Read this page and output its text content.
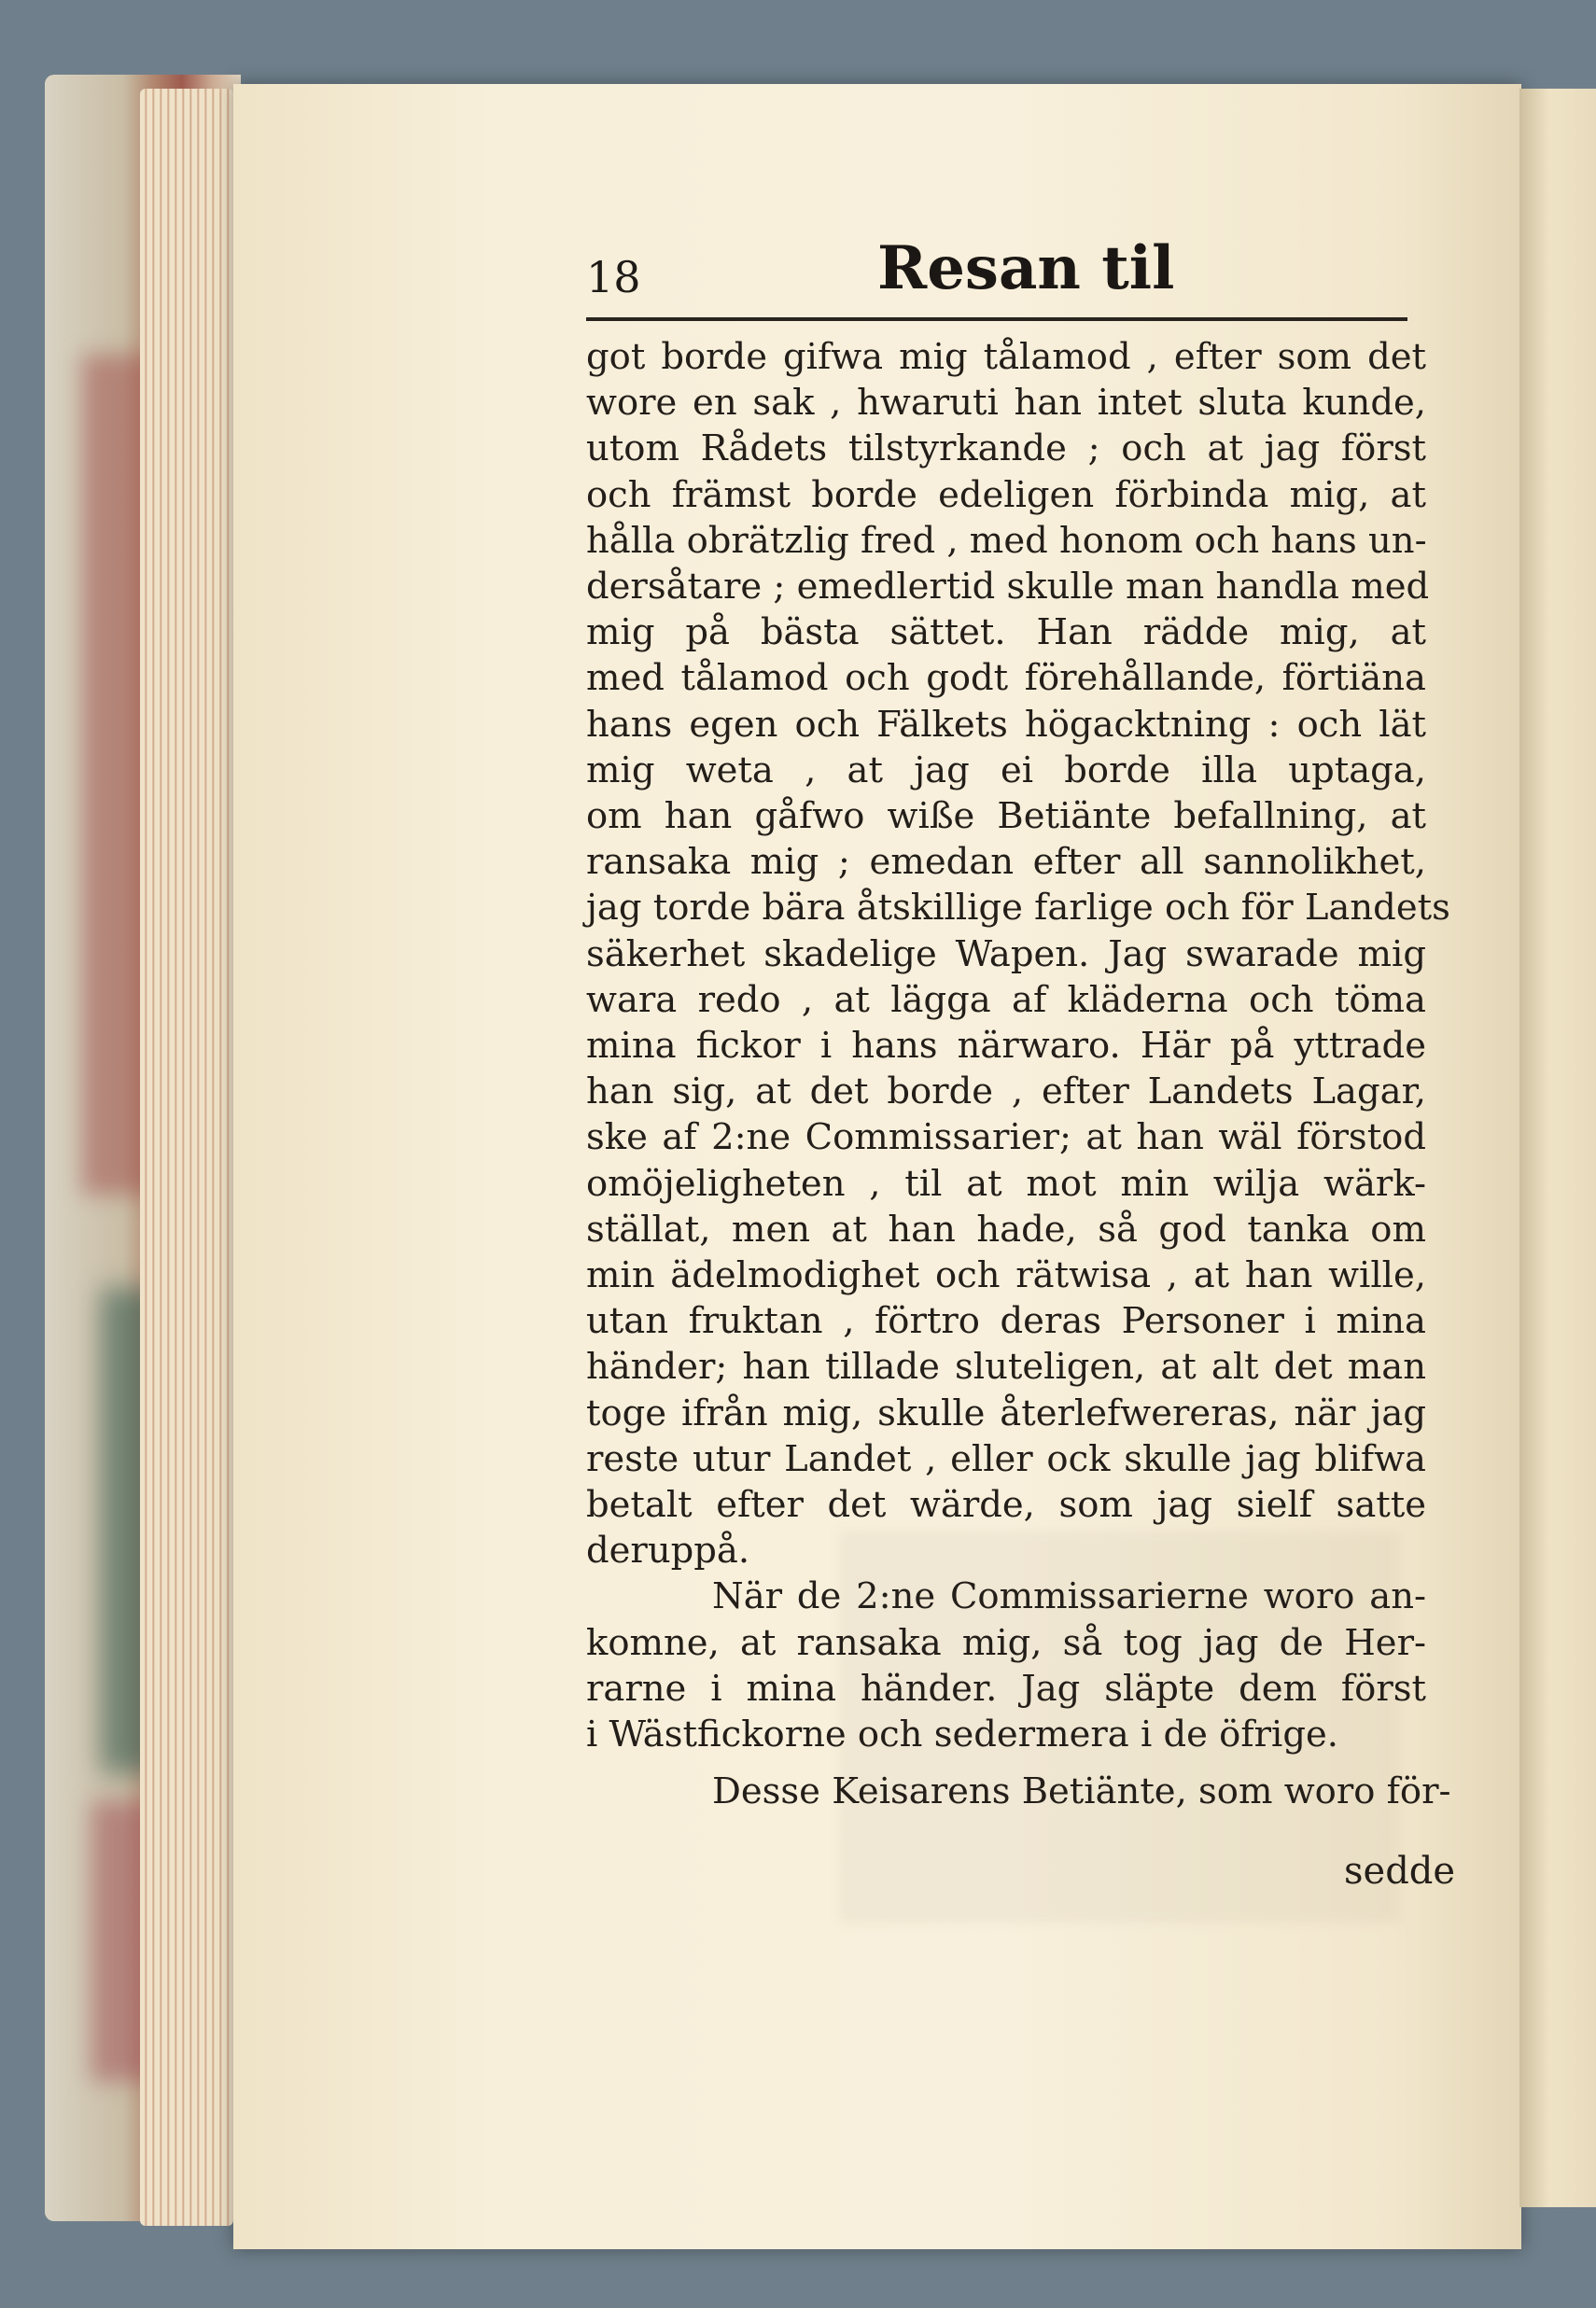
18	Resan til
got borde gifwa mig tålamod , efter som det
wore en sak , hwaruti han intet sluta kunde,
utom Rådets tilstyrkande ; och at jag först
och främst borde edeligen förbinda mig, at
hålla obrätzlig fred , med honom och hans un-
dersåtare ; emedlertid skulle man handla med
mig på bästa sättet. Han rädde mig, at
med tålamod och godt förehållande, förtiäna
hans egen och Fälkets högacktning : och lät
mig weta , at jag ei borde illa uptaga,
om han gåfwo wiße Betiänte befallning, at
ransaka mig ; emedan efter all sannolikhet,
jag torde bära åtskillige farlige och för Landets
säkerhet skadelige Wapen. Jag swarade mig
wara redo , at lägga af kläderna och töma
mina fickor i hans närwaro. Här på yttrade
han sig, at det borde , efter Landets Lagar,
ske af 2:ne Commissarier; at han wäl förstod
omöjeligheten , til at mot min wilja wärk-
ställat, men at han hade, så god tanka om
min ädelmodighet och rätwisa , at han wille,
utan fruktan , förtro deras Personer i mina
händer; han tillade sluteligen, at alt det man
toge ifrån mig, skulle återlefwereras, när jag
reste utur Landet , eller ock skulle jag blifwa
betalt efter det wärde, som jag sielf satte
deruppå.
När de 2:ne Commissarierne woro an-
komne, at ransaka mig, så tog jag de Her-
rarne i mina händer. Jag släpte dem först
i Wästfickorne och sedermera i de öfrige.
Desse Keisarens Betiänte, som woro för-
sedde
